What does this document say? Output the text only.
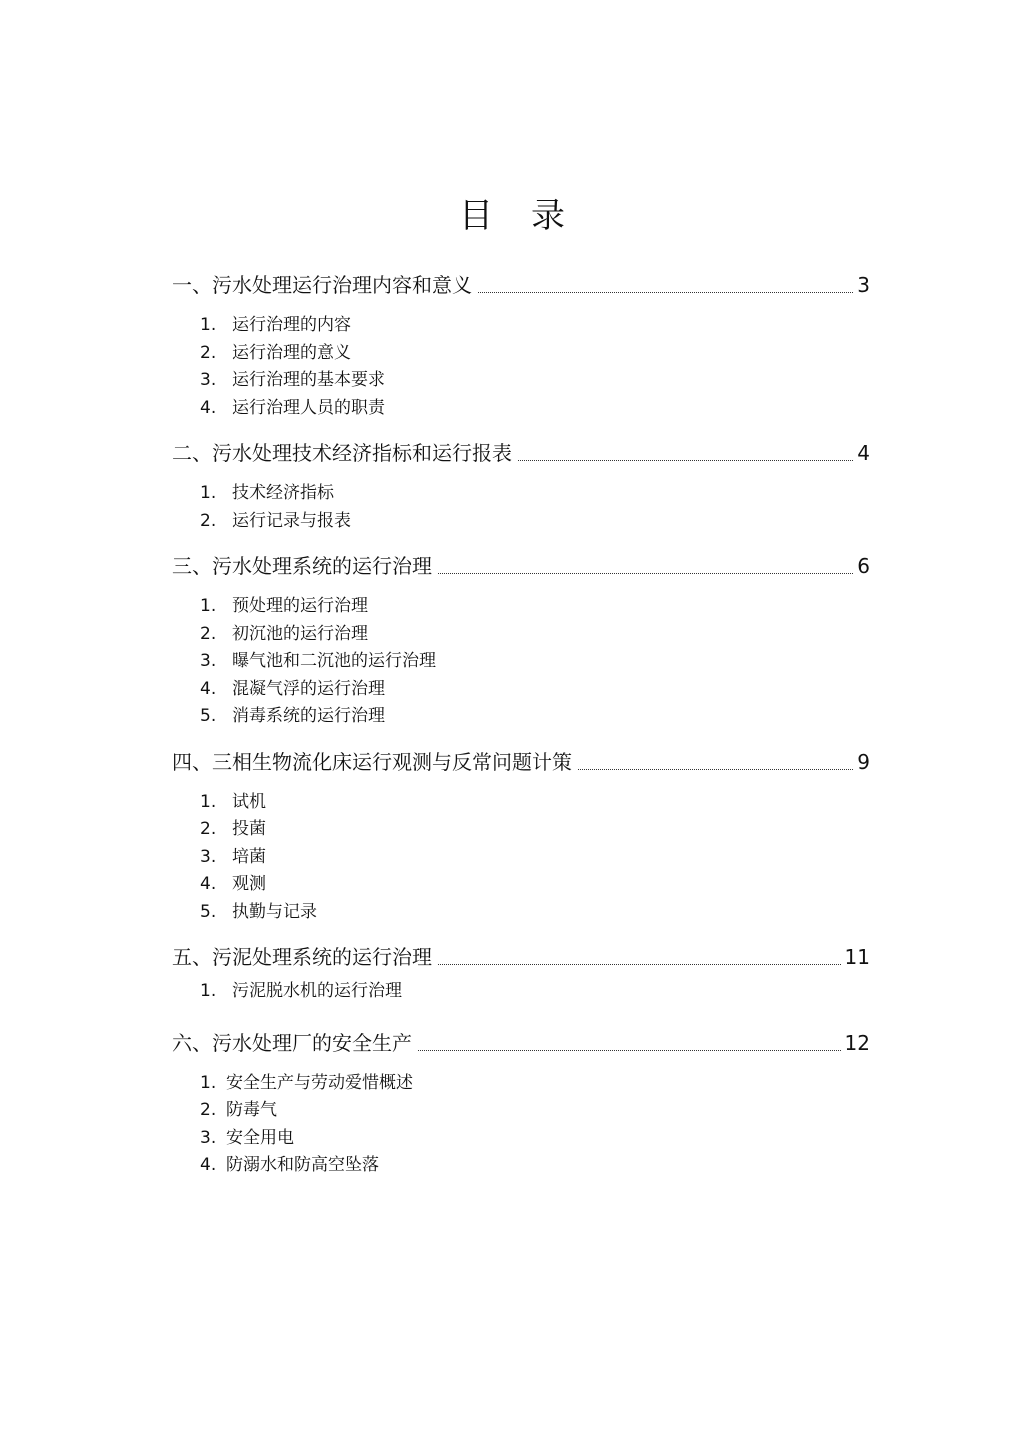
目录
一、污水处理运行治理内容和意义	3
1. 运行治理的内容
2. 运行治理的意义
3. 运行治理的基本要求
4. 运行治理人员的职责
二、污水处理技术经济指标和运行报表	4
1. 技术经济指标
2. 运行记录与报表
三、污水处理系统的运行治理	6
1. 预处理的运行治理
2. 初沉池的运行治理
3. 曝气池和二沉池的运行治理
4. 混凝气浮的运行治理
5. 消毒系统的运行治理
四、三相生物流化床运行观测与反常问题计策	9
1. 试机
2. 投菌
3. 培菌
4. 观测
5. 执勤与记录
五、污泥处理系统的运行治理	11
1. 污泥脱水机的运行治理
六、污水处理厂的安全生产	12
1. 安全生产与劳动爱惜概述
2. 防毒气
3. 安全用电
4. 防溺水和防高空坠落
